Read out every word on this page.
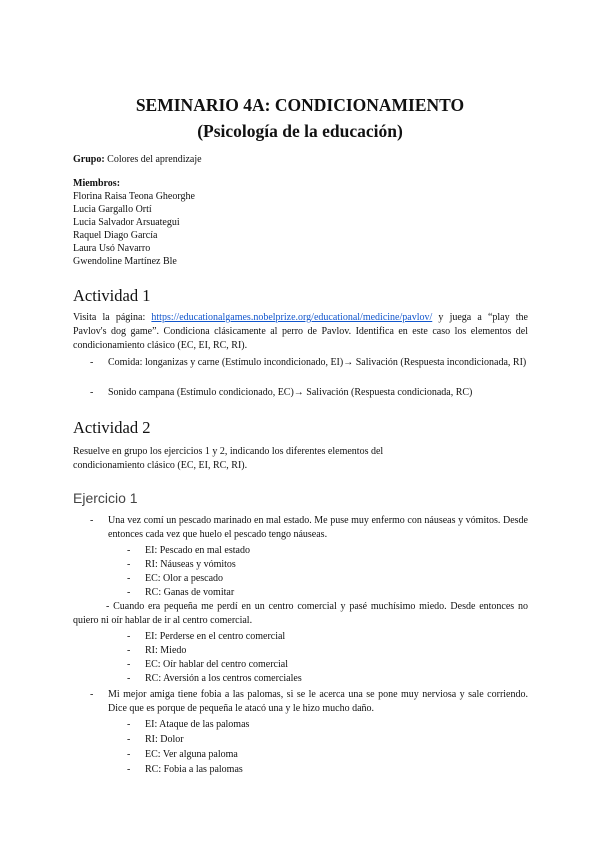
SEMINARIO 4A: CONDICIONAMIENTO
(Psicología de la educación)

Grupo: Colores del aprendizaje

Miembros:
Florina Raisa Teona Gheorghe
Lucia Gargallo Ortí
Lucia Salvador Arsuategui
Raquel Diago García
Laura Usó Navarro
Gwendoline Martínez Ble
Actividad 1

Visita la página: https://educationalgames.nobelprize.org/educational/medicine/pavlov/ y juega a “play the Pavlov's dog game”. Condiciona clásicamente al perro de Pavlov. Identifica en este caso los elementos del condicionamiento clásico (EC, EI, RC, RI).

- Comida: longanizas y carne (Estímulo incondicionado, EI)→ Salivación (Respuesta incondicionada, RI)

- Sonido campana (Estímulo condicionado, EC)→ Salivación (Respuesta condicionada, RC)

Actividad 2

Resuelve en grupo los ejercicios 1 y 2, indicando los diferentes elementos del
condicionamiento clásico (EC, EI, RC, RI).

Ejercicio 1
- Una vez comí un pescado marinado en mal estado. Me puse muy enfermo con náuseas y vómitos. Desde entonces cada vez que huelo el pescado tengo náuseas.

- EI: Pescado en mal estado

- RI: Náuseas y vómitos

- EC: Olor a pescado

- RC: Ganas de vomitar

- Cuando era pequeña me perdí en un centro comercial y pasé muchísimo miedo. Desde entonces no quiero ni oír hablar de ir al centro comercial.

- EI: Perderse en el centro comercial

- RI: Miedo

- EC: Oír hablar del centro comercial

- RC: Aversión a los centros comerciales

- Mi mejor amiga tiene fobia a las palomas, si se le acerca una se pone muy nerviosa y sale corriendo. Dice que es porque de pequeña le atacó una y le hizo mucho daño.

- EI: Ataque de las palomas

- RI: Dolor

- EC: Ver alguna paloma

- RC: Fobia a las palomas
